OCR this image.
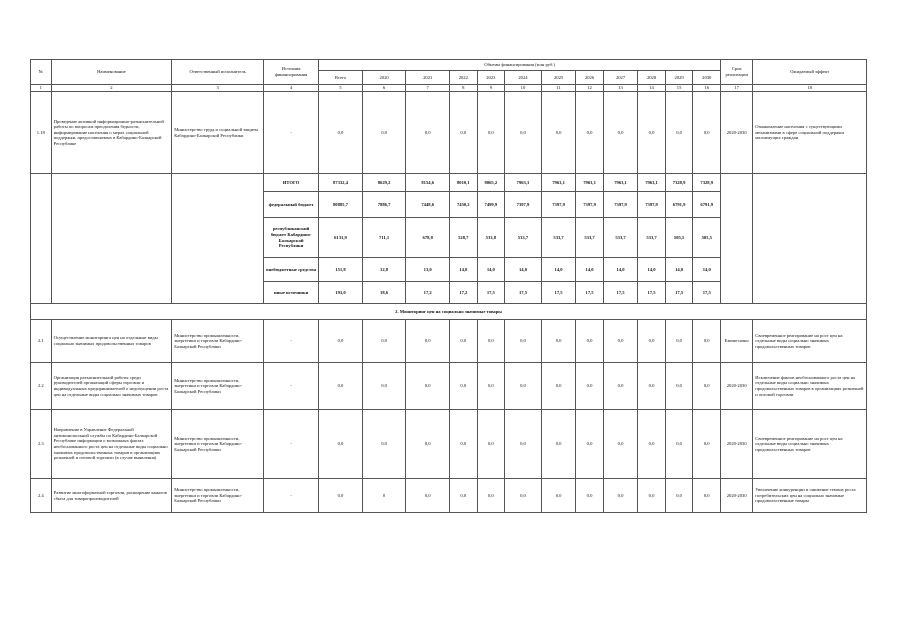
№	Наименование	Ответственный исполнитель	Источник финансирования	Объемы финансирования (млн руб.)												Срок реализации	Ожидаемый эффект
				Всего	2020	2021	2022	2023	2024	2025	2026	2027	2028	2029	2030		
1	2	3	4	5	6	7	8	9	10	11	12	13	14	15	16	17	18
1.18	Проведение активной информационно-разъяснительной работы по вопросам преодоления бедности, информирование населения о мерах социальной поддержки, предоставляемых в Кабардино-Балкарской Республике	Министерство труда и социальной защиты Кабардино-Балкарской Республики	-	0,0	0,0	0,0	0,0	0,0	0,0	0,0	0,0	0,0	0,0	0,0	0,0	2020-2030	Ознакомление населения с существующими механизмами в сфере социальной поддержки малоимущих граждан
			ИТОГО	87332,4	8629,2	8154,6	8010,1	8065,2	7963,1	7963,1	7963,1	7963,1	7963,1	7328,9	7328,9		
			федеральный бюджет	80885,7	7886,7	7448,6	7450,2	7499,9	7397,9	7397,9	7397,9	7397,9	7397,9	6791,9	6791,9		
			республиканский бюджет Кабардино-Балкарской Республики	6131,9	711,1	678,8	528,7	533,8	533,7	533,7	533,7	533,7	533,7	505,5	505,5		
			внебюджетные средства	151,8	12,8	13,0	14,0	14,0	14,0	14,0	14,0	14,0	14,0	14,0	14,0		
			иные источники	193,0	18,6	17,2	17,2	17,5	17,5	17,5	17,5	17,5	17,5	17,5	17,5		
2. Мониторинг цен на социально значимые товары																	
2.1	Осуществление мониторинга цен на отдельные виды социально значимых продовольственных товаров	Министерство промышленности, энергетики и торговли Кабардино-Балкарской Республики	-	0,0	0,0	0,0	0,0	0,0	0,0	0,0	0,0	0,0	0,0	0,0	0,0	Ежемесячно	Своевременное реагирование на рост цен на отдельные виды социально значимых продовольственных товаров
2.2	Организация разъяснительной работы среди руководителей организаций сферы торговли и индивидуальных предпринимателей о недопущении роста цен на отдельные виды социально значимых товаров	Министерство промышленности, энергетики и торговли Кабардино-Балкарской Республики	-	0,0	0,0	0,0	0,0	0,0	0,0	0,0	0,0	0,0	0,0	0,0	0,0	2020-2030	Исключение фактов необоснованного роста цен на отдельные виды социально значимых продовольственных товаров в организациях розничной и оптовой торговли
2.3	Направление в Управление Федеральной антимонопольной службы по Кабардино-Балкарской Республике информации о возможных фактах необоснованного роста цен на отдельные виды социально значимых продовольственных товаров в организациях розничной и оптовой торговли (в случае выявления)	Министерство промышленности, энергетики и торговли Кабардино-Балкарской Республики	-	0,0	0,0	0,0	0,0	0,0	0,0	0,0	0,0	0,0	0,0	0,0	0,0	2020-2030	Своевременное реагирование на рост цен на отдельные виды социально значимых продовольственных товаров
2.4	Развитие многоформатной торговли, расширение каналов сбыта для товаропроизводителей	Министерство промышленности, энергетики и торговли Кабардино-Балкарской Республики	-	0,0	0	0,0	0,0	0,0	0,0	0,0	0,0	0,0	0,0	0,0	0,0	2020-2030	Увеличение конкуренции и снижение темпов роста потребительских цен на социально значимые продовольственные товары
